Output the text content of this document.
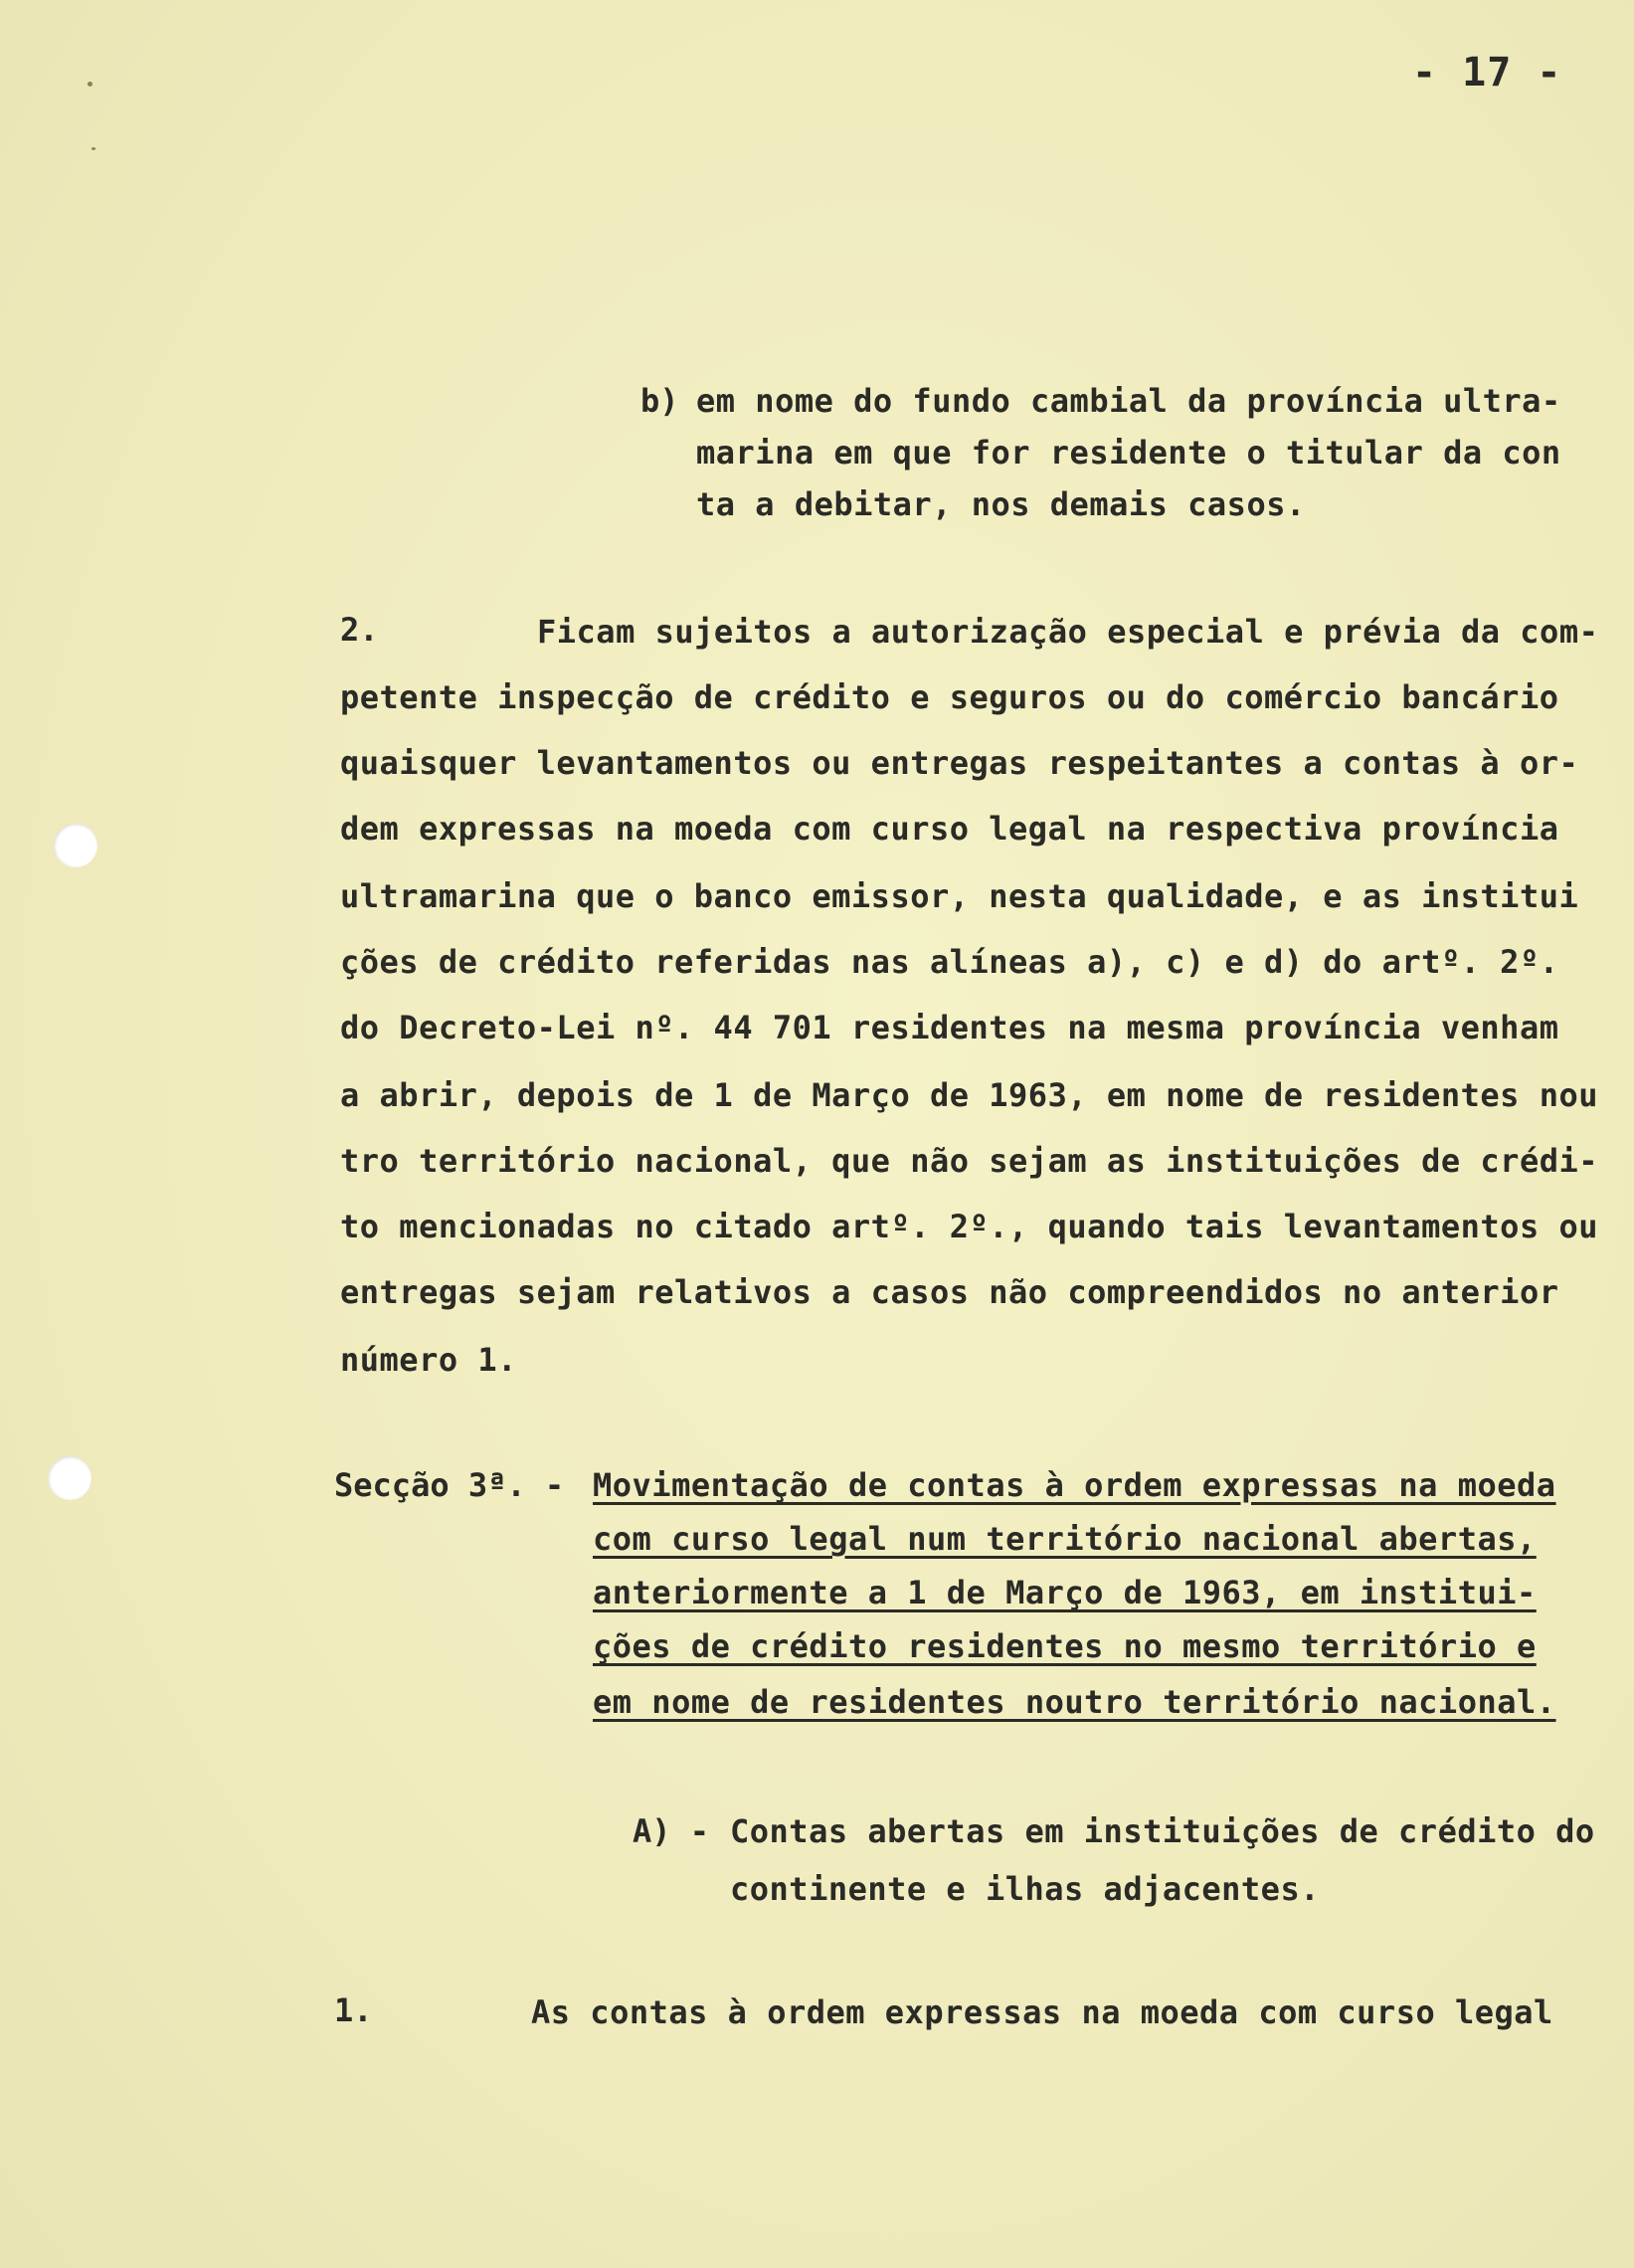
- 17 -
b) em nome do fundo cambial da província ultra-
marina em que for residente o titular da con
ta a debitar, nos demais casos.
2.	Ficam sujeitos a autorização especial e prévia da com-
petente inspecção de crédito e seguros ou do comércio bancário
quaisquer levantamentos ou entregas respeitantes a contas à or-
dem expressas na moeda com curso legal na respectiva província
ultramarina que o banco emissor, nesta qualidade, e as institui
ções de crédito referidas nas alíneas a), c) e d) do artº. 2º.
do Decreto-Lei nº. 44 701 residentes na mesma província venham
a abrir, depois de 1 de Março de 1963, em nome de residentes nou
tro território nacional, que não sejam as instituições de crédi-
to mencionadas no citado artº. 2º., quando tais levantamentos ou
entregas sejam relativos a casos não compreendidos no anterior
número 1.
Secção 3ª. - Movimentação de contas à ordem expressas na moeda
com curso legal num território nacional abertas,
anteriormente a 1 de Março de 1963, em institui-
ções de crédito residentes no mesmo território e
em nome de residentes noutro território nacional.
A) - Contas abertas em instituições de crédito do
continente e ilhas adjacentes.
1.	As contas à ordem expressas na moeda com curso legal
